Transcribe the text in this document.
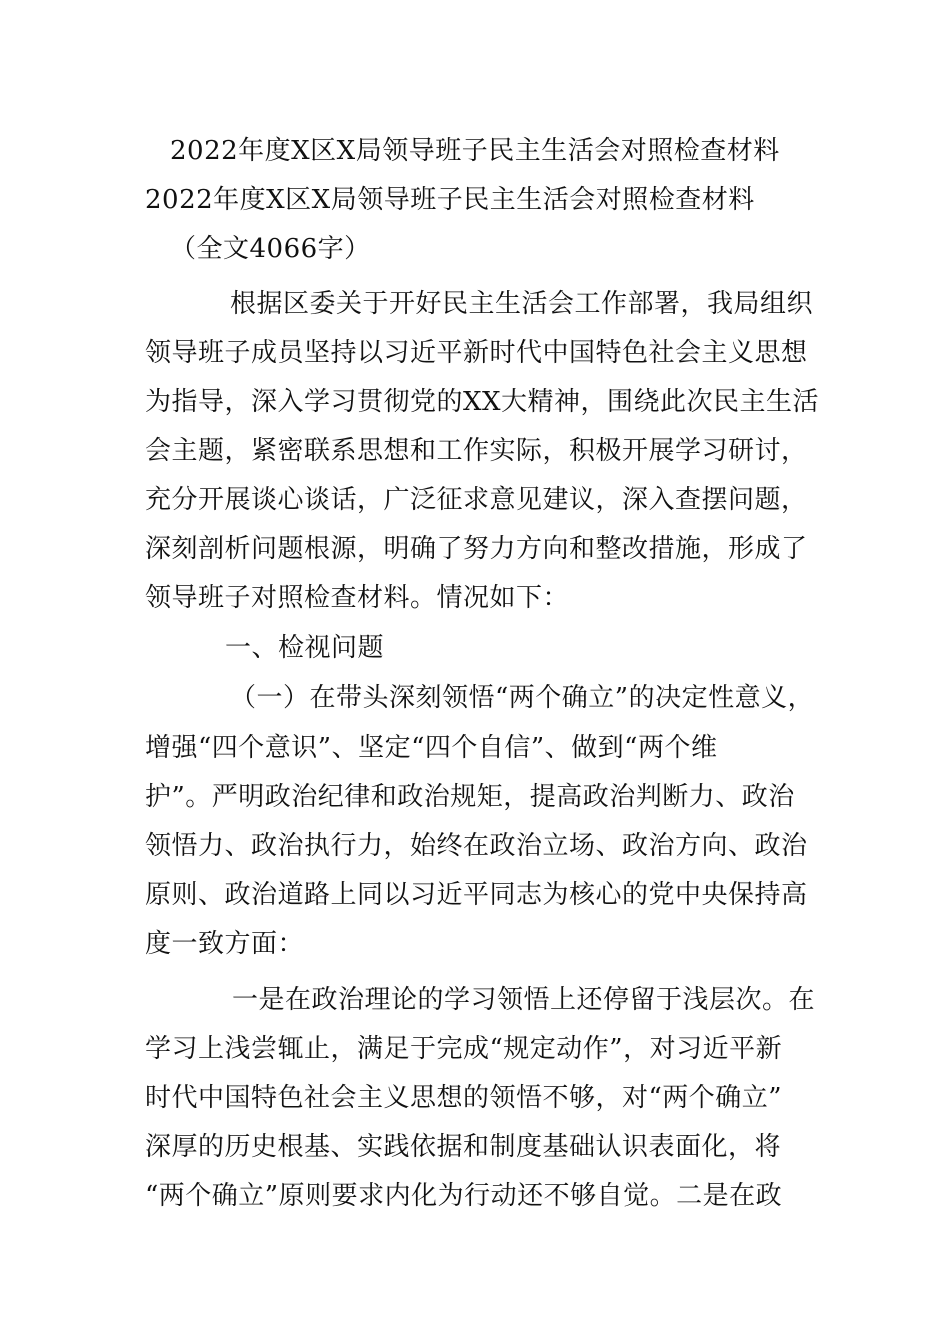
2022年度X区X局领导班子民主生活会对照检查材料
2022年度X区X局领导班子民主生活会对照检查材料
（全文4066字）
根据区委关于开好民主生活会工作部署，我局组织
领导班子成员坚持以习近平新时代中国特色社会主义思想
为指导，深入学习贯彻党的XX大精神，围绕此次民主生活
会主题，紧密联系思想和工作实际，积极开展学习研讨，
充分开展谈心谈话，广泛征求意见建议，深入查摆问题，
深刻剖析问题根源，明确了努力方向和整改措施，形成了
领导班子对照检查材料。情况如下：
一、检视问题
（一）在带头深刻领悟“两个确立”的决定性意义，
增强“四个意识”、坚定“四个自信”、做到“两个维
护”。严明政治纪律和政治规矩，提高政治判断力、政治
领悟力、政治执行力，始终在政治立场、政治方向、政治
原则、政治道路上同以习近平同志为核心的党中央保持高
度一致方面：
一是在政治理论的学习领悟上还停留于浅层次。在
学习上浅尝辄止，满足于完成“规定动作”，对习近平新
时代中国特色社会主义思想的领悟不够，对“两个确立”
深厚的历史根基、实践依据和制度基础认识表面化，将
“两个确立”原则要求内化为行动还不够自觉。二是在政
